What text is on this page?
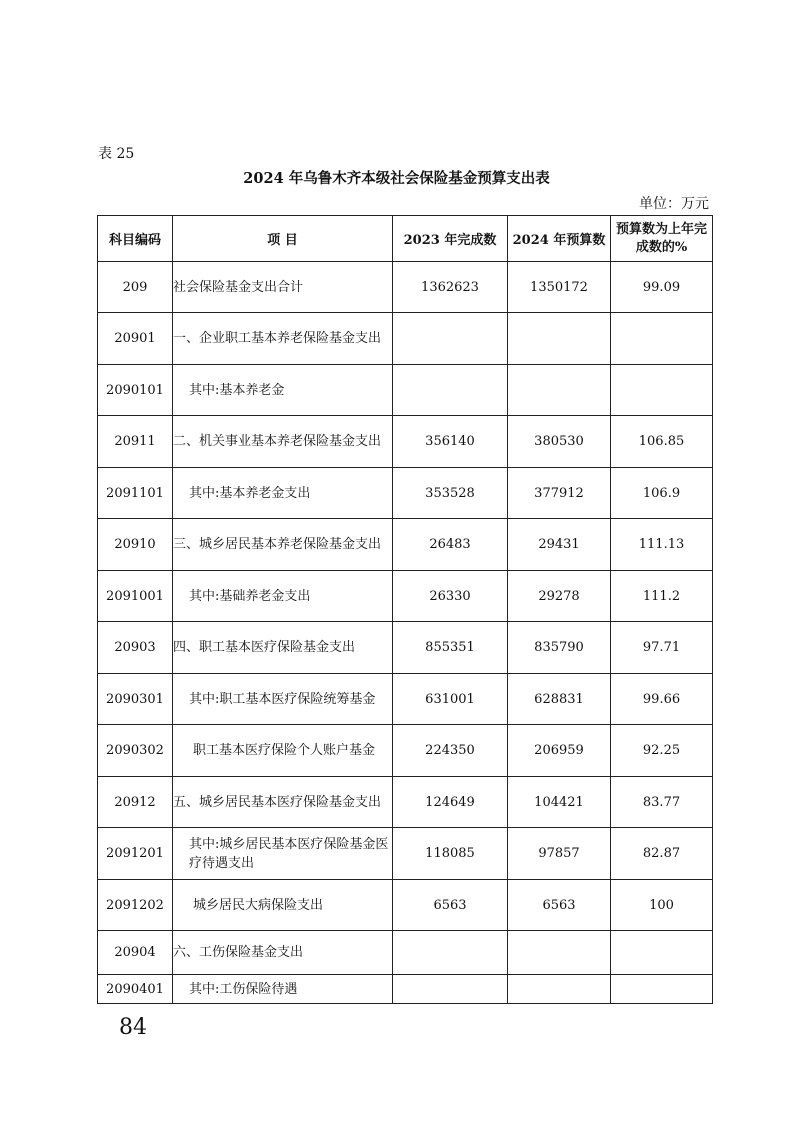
表 25
2024 年乌鲁木齐本级社会保险基金预算支出表
单位：万元
科目编码	项 目	2023 年完成数	2024 年预算数	预算数为上年完成数的%
209	社会保险基金支出合计	1362623	1350172	99.09
20901	一、企业职工基本养老保险基金支出			
2090101	其中:基本养老金			
20911	二、机关事业基本养老保险基金支出	356140	380530	106.85
2091101	其中:基本养老金支出	353528	377912	106.9
20910	三、城乡居民基本养老保险基金支出	26483	29431	111.13
2091001	其中:基础养老金支出	26330	29278	111.2
20903	四、职工基本医疗保险基金支出	855351	835790	97.71
2090301	其中:职工基本医疗保险统筹基金	631001	628831	99.66
2090302	职工基本医疗保险个人账户基金	224350	206959	92.25
20912	五、城乡居民基本医疗保险基金支出	124649	104421	83.77
2091201	其中:城乡居民基本医疗保险基金医疗待遇支出	118085	97857	82.87
2091202	城乡居民大病保险支出	6563	6563	100
20904	六、工伤保险基金支出			
2090401	其中:工伤保险待遇			
84
